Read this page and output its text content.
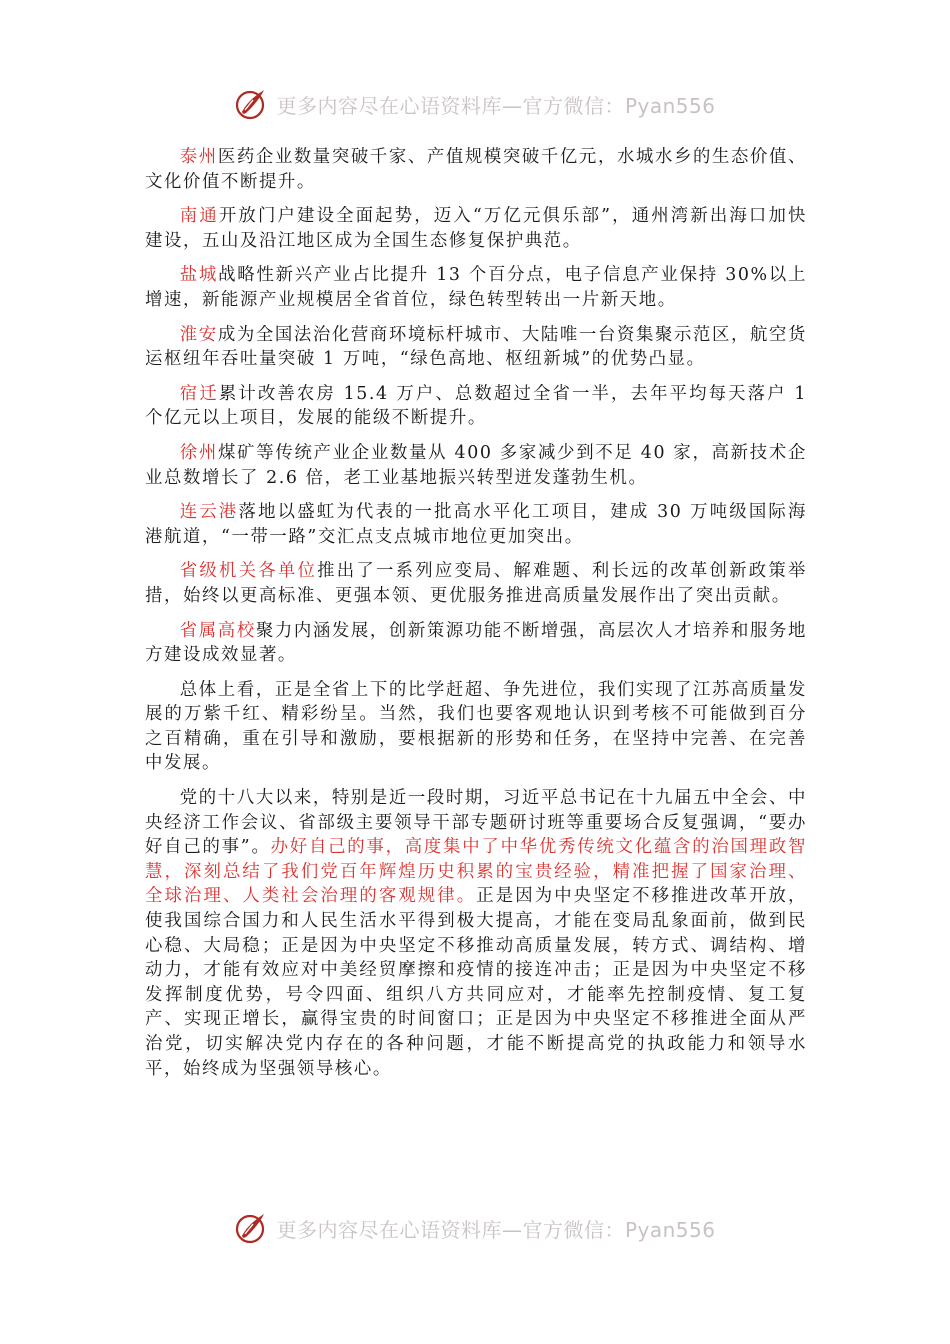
更多内容尽在心语资料库—官方微信：Pyan556

泰州医药企业数量突破千家、产值规模突破千亿元，水城水乡的生态价值、文化价值不断提升。

南通开放门户建设全面起势，迈入“万亿元俱乐部”，通州湾新出海口加快建设，五山及沿江地区成为全国生态修复保护典范。

盐城战略性新兴产业占比提升 13 个百分点，电子信息产业保持 30%以上增速，新能源产业规模居全省首位，绿色转型转出一片新天地。

淮安成为全国法治化营商环境标杆城市、大陆唯一台资集聚示范区，航空货运枢纽年吞吐量突破 1 万吨，“绿色高地、枢纽新城”的优势凸显。

宿迁累计改善农房 15.4 万户、总数超过全省一半，去年平均每天落户 1 个亿元以上项目，发展的能级不断提升。

徐州煤矿等传统产业企业数量从 400 多家减少到不足 40 家，高新技术企业总数增长了 2.6 倍，老工业基地振兴转型迸发蓬勃生机。

连云港落地以盛虹为代表的一批高水平化工项目，建成 30 万吨级国际海港航道，“一带一路”交汇点支点城市地位更加突出。

省级机关各单位推出了一系列应变局、解难题、利长远的改革创新政策举措，始终以更高标准、更强本领、更优服务推进高质量发展作出了突出贡献。

省属高校聚力内涵发展，创新策源功能不断增强，高层次人才培养和服务地方建设成效显著。

总体上看，正是全省上下的比学赶超、争先进位，我们实现了江苏高质量发展的万紫千红、精彩纷呈。当然，我们也要客观地认识到考核不可能做到百分之百精确，重在引导和激励，要根据新的形势和任务，在坚持中完善、在完善中发展。

党的十八大以来，特别是近一段时期，习近平总书记在十九届五中全会、中央经济工作会议、省部级主要领导干部专题研讨班等重要场合反复强调，“要办好自己的事”。办好自己的事，高度集中了中华优秀传统文化蕴含的治国理政智慧，深刻总结了我们党百年辉煌历史积累的宝贵经验，精准把握了国家治理、全球治理、人类社会治理的客观规律。正是因为中央坚定不移推进改革开放，使我国综合国力和人民生活水平得到极大提高，才能在变局乱象面前，做到民心稳、大局稳；正是因为中央坚定不移推动高质量发展，转方式、调结构、增动力，才能有效应对中美经贸摩擦和疫情的接连冲击；正是因为中央坚定不移发挥制度优势，号令四面、组织八方共同应对，才能率先控制疫情、复工复产、实现正增长，赢得宝贵的时间窗口；正是因为中央坚定不移推进全面从严治党，切实解决党内存在的各种问题，才能不断提高党的执政能力和领导水平，始终成为坚强领导核心。

更多内容尽在心语资料库—官方微信：Pyan556
